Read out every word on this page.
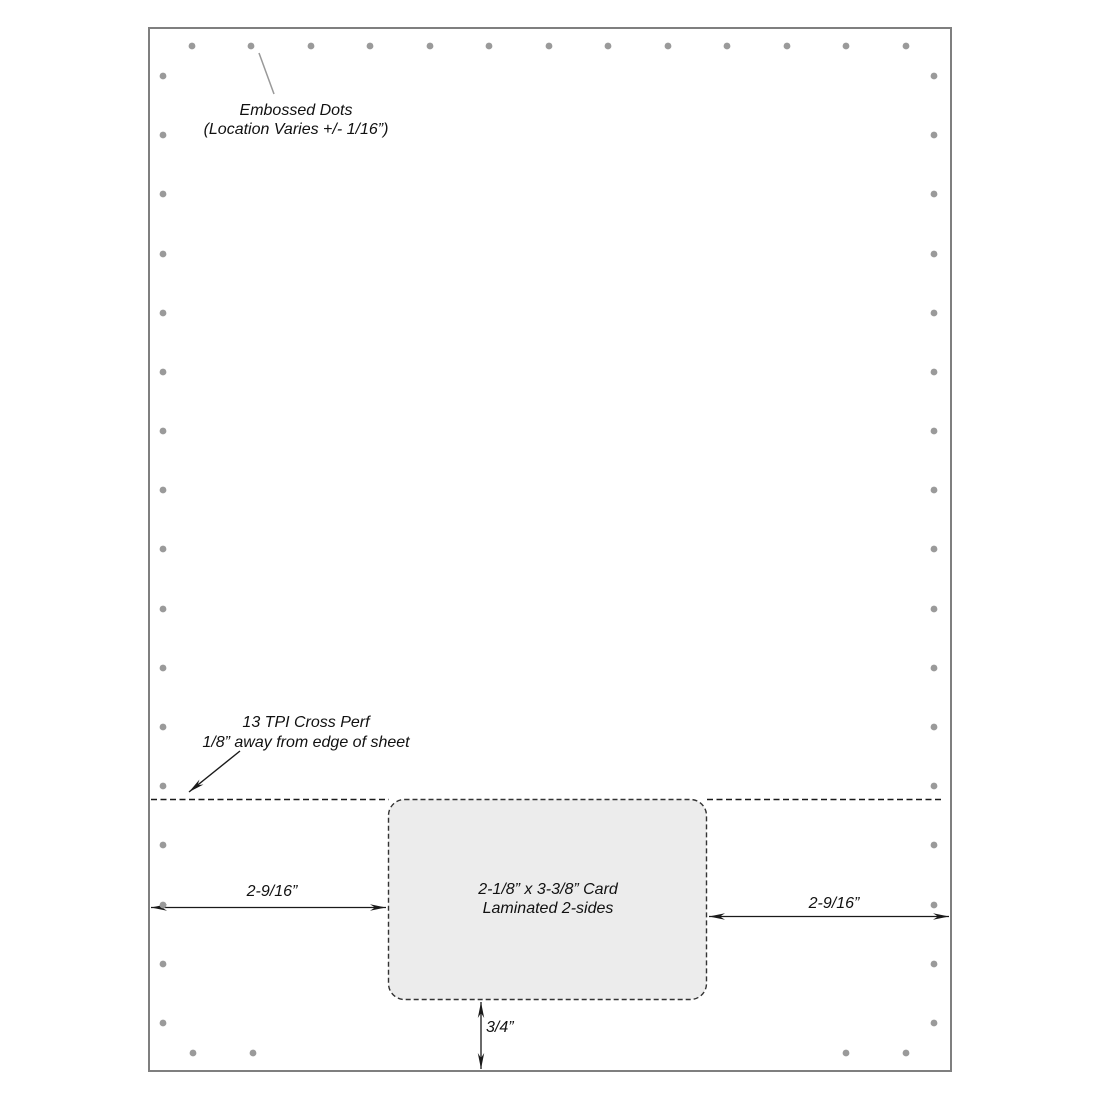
Embossed Dots
(Location Varies +/- 1/16”)
13 TPI Cross Perf
1/8” away from edge of sheet
2-1/8” x 3-3/8” Card
Laminated 2-sides
2-9/16”
2-9/16”
3/4”
